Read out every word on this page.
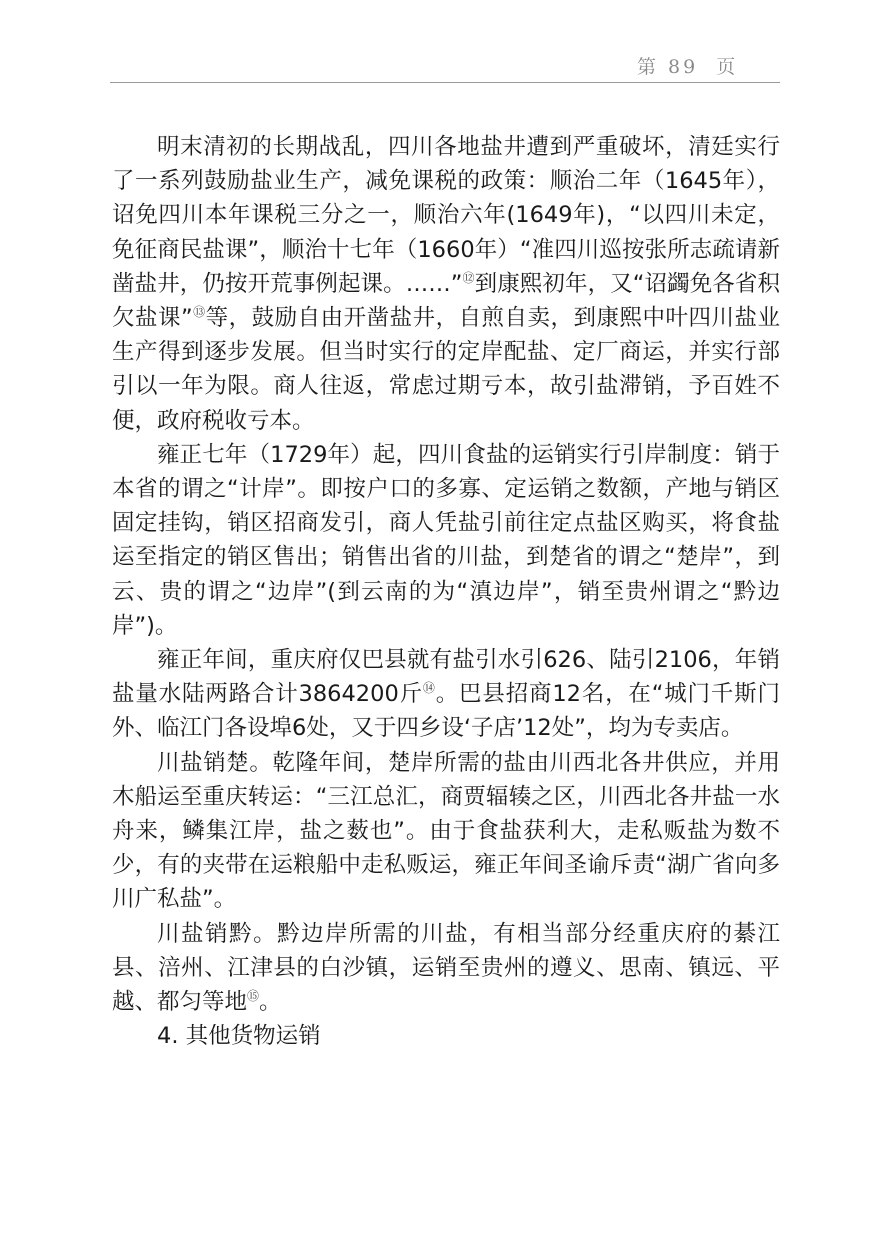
第 89  页

明末清初的长期战乱，四川各地盐井遭到严重破坏，清廷实行了一系列鼓励盐业生产，减免课税的政策：顺治二年（1645年），诏免四川本年课税三分之一，顺治六年(1649年)，“以四川未定，免征商民盐课”，顺治十七年（1660年）“准四川巡按张所志疏请新凿盐井，仍按开荒事例起课。……”⑫到康熙初年，又“诏蠲免各省积欠盐课”⑬等，鼓励自由开凿盐井，自煎自卖，到康熙中叶四川盐业生产得到逐步发展。但当时实行的定岸配盐、定厂商运，并实行部引以一年为限。商人往返，常虑过期亏本，故引盐滞销，予百姓不便，政府税收亏本。

雍正七年（1729年）起，四川食盐的运销实行引岸制度：销于本省的谓之“计岸”。即按户口的多寡、定运销之数额，产地与销区固定挂钩，销区招商发引，商人凭盐引前往定点盐区购买，将食盐运至指定的销区售出；销售出省的川盐，到楚省的谓之“楚岸”，到云、贵的谓之“边岸”(到云南的为“滇边岸”，销至贵州谓之“黔边岸”)。

雍正年间，重庆府仅巴县就有盐引水引626、陆引2106，年销盐量水陆两路合计3864200斤⑭。巴县招商12名，在“城门千斯门外、临江门各设埠6处，又于四乡设‘子店’12处”，均为专卖店。

川盐销楚。乾隆年间，楚岸所需的盐由川西北各井供应，并用木船运至重庆转运：“三江总汇，商贾辐辏之区，川西北各井盐一水舟来，鳞集江岸，盐之薮也”。由于食盐获利大，走私贩盐为数不少，有的夹带在运粮船中走私贩运，雍正年间圣谕斥责“湖广省向多川广私盐”。

川盐销黔。黔边岸所需的川盐，有相当部分经重庆府的綦江县、涪州、江津县的白沙镇，运销至贵州的遵义、思南、镇远、平越、都匀等地⑮。

4. 其他货物运销
